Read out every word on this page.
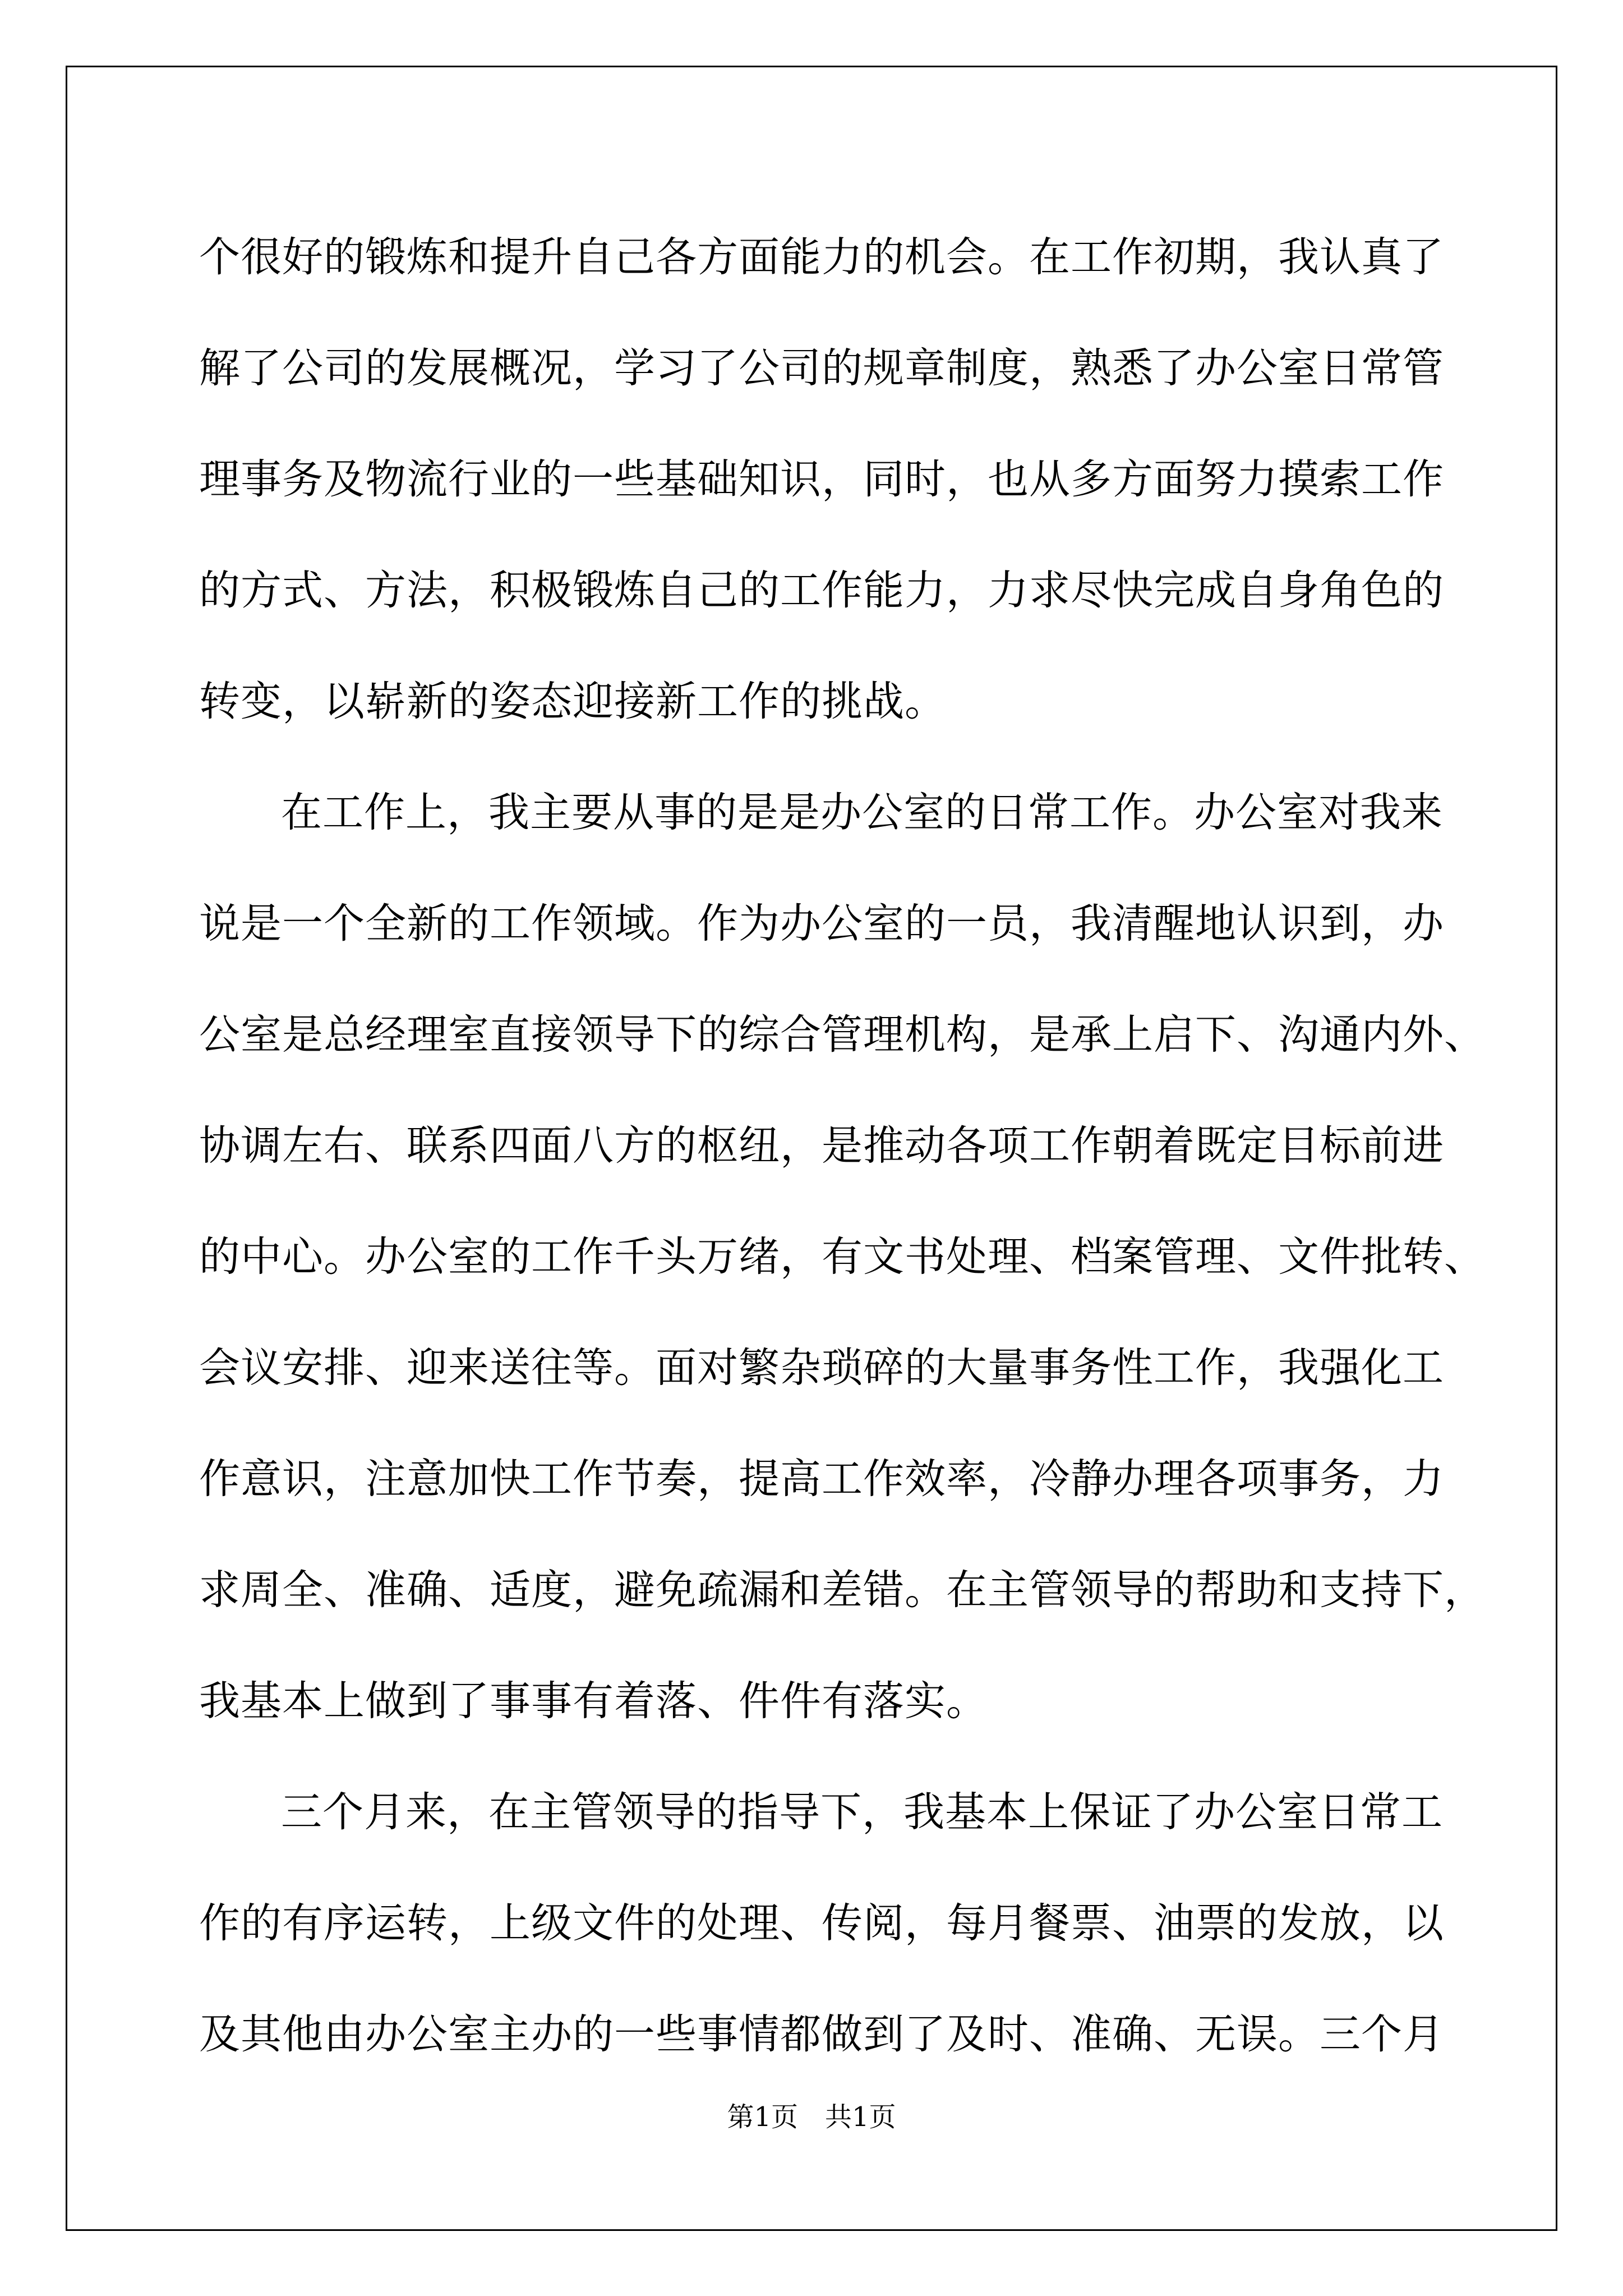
个很好的锻炼和提升自己各方面能力的机会。在工作初期，我认真了
解了公司的发展概况，学习了公司的规章制度，熟悉了办公室日常管
理事务及物流行业的一些基础知识，同时，也从多方面努力摸索工作
的方式、方法，积极锻炼自己的工作能力，力求尽快完成自身角色的
转变，以崭新的姿态迎接新工作的挑战。
在工作上，我主要从事的是是办公室的日常工作。办公室对我来
说是一个全新的工作领域。作为办公室的一员，我清醒地认识到，办
公室是总经理室直接领导下的综合管理机构，是承上启下、沟通内外、
协调左右、联系四面八方的枢纽，是推动各项工作朝着既定目标前进
的中心。办公室的工作千头万绪，有文书处理、档案管理、文件批转、
会议安排、迎来送往等。面对繁杂琐碎的大量事务性工作，我强化工
作意识，注意加快工作节奏，提高工作效率，冷静办理各项事务，力
求周全、准确、适度，避免疏漏和差错。在主管领导的帮助和支持下，
我基本上做到了事事有着落、件件有落实。
三个月来，在主管领导的指导下，我基本上保证了办公室日常工
作的有序运转，上级文件的处理、传阅，每月餐票、油票的发放，以
及其他由办公室主办的一些事情都做到了及时、准确、无误。三个月
第1页　共1页
